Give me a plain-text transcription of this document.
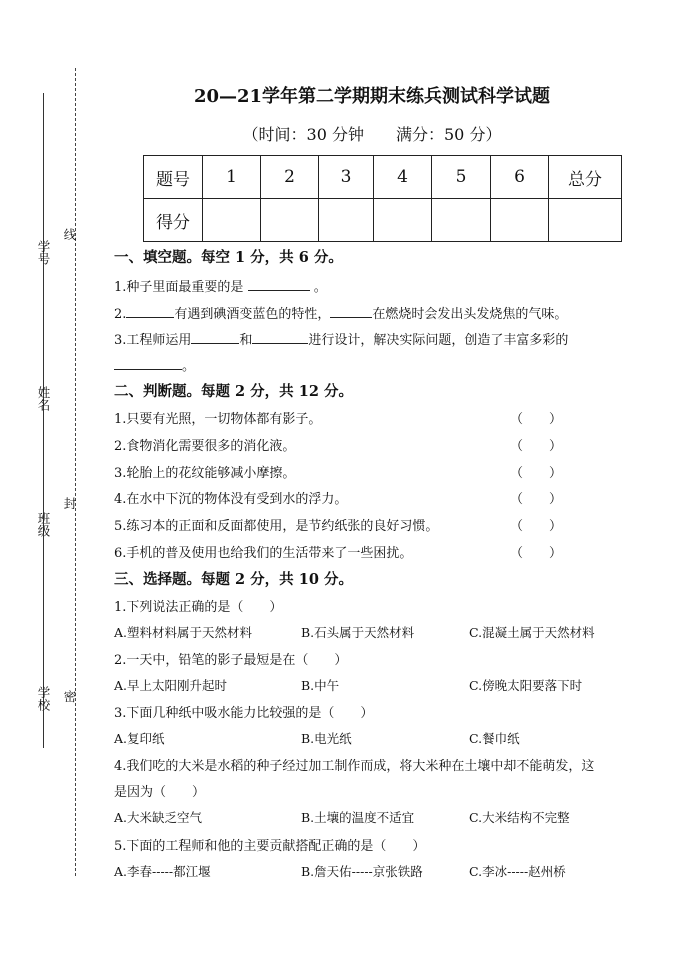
学号
姓名
班级
学校
线
封
密
20—21学年第二学期期末练兵测试科学试题
（时间：30 分钟　　满分：50 分）
题号	1	2	3	4	5	6	总分
得分							
一、填空题。每空 1 分，共 6 分。
1.种子里面最重要的是	。
2.	有遇到碘酒变蓝色的特性，	在燃烧时会发出头发烧焦的气味。
3.工程师运用	和	进行设计，解决实际问题，创造了丰富多彩的
。
二、判断题。每题 2 分，共 12 分。
1.只要有光照，一切物体都有影子。	（　　）
2.食物消化需要很多的消化液。	（　　）
3.轮胎上的花纹能够减小摩擦。	（　　）
4.在水中下沉的物体没有受到水的浮力。	（　　）
5.练习本的正面和反面都使用，是节约纸张的良好习惯。	（　　）
6.手机的普及使用也给我们的生活带来了一些困扰。	（　　）
三、选择题。每题 2 分，共 10 分。
1.下列说法正确的是（　　）
A.塑料材料属于天然材料	B.石头属于天然材料	C.混凝土属于天然材料
2.一天中，铅笔的影子最短是在（　　）
A.早上太阳刚升起时	B.中午	C.傍晚太阳要落下时
3.下面几种纸中吸水能力比较强的是（　　）
A.复印纸	B.电光纸	C.餐巾纸
4.我们吃的大米是水稻的种子经过加工制作而成，将大米种在土壤中却不能萌发，这
是因为（　　）
A.大米缺乏空气	B.土壤的温度不适宜	C.大米结构不完整
5.下面的工程师和他的主要贡献搭配正确的是（　　）
A.李春-----都江堰	B.詹天佑-----京张铁路	C.李冰-----赵州桥
